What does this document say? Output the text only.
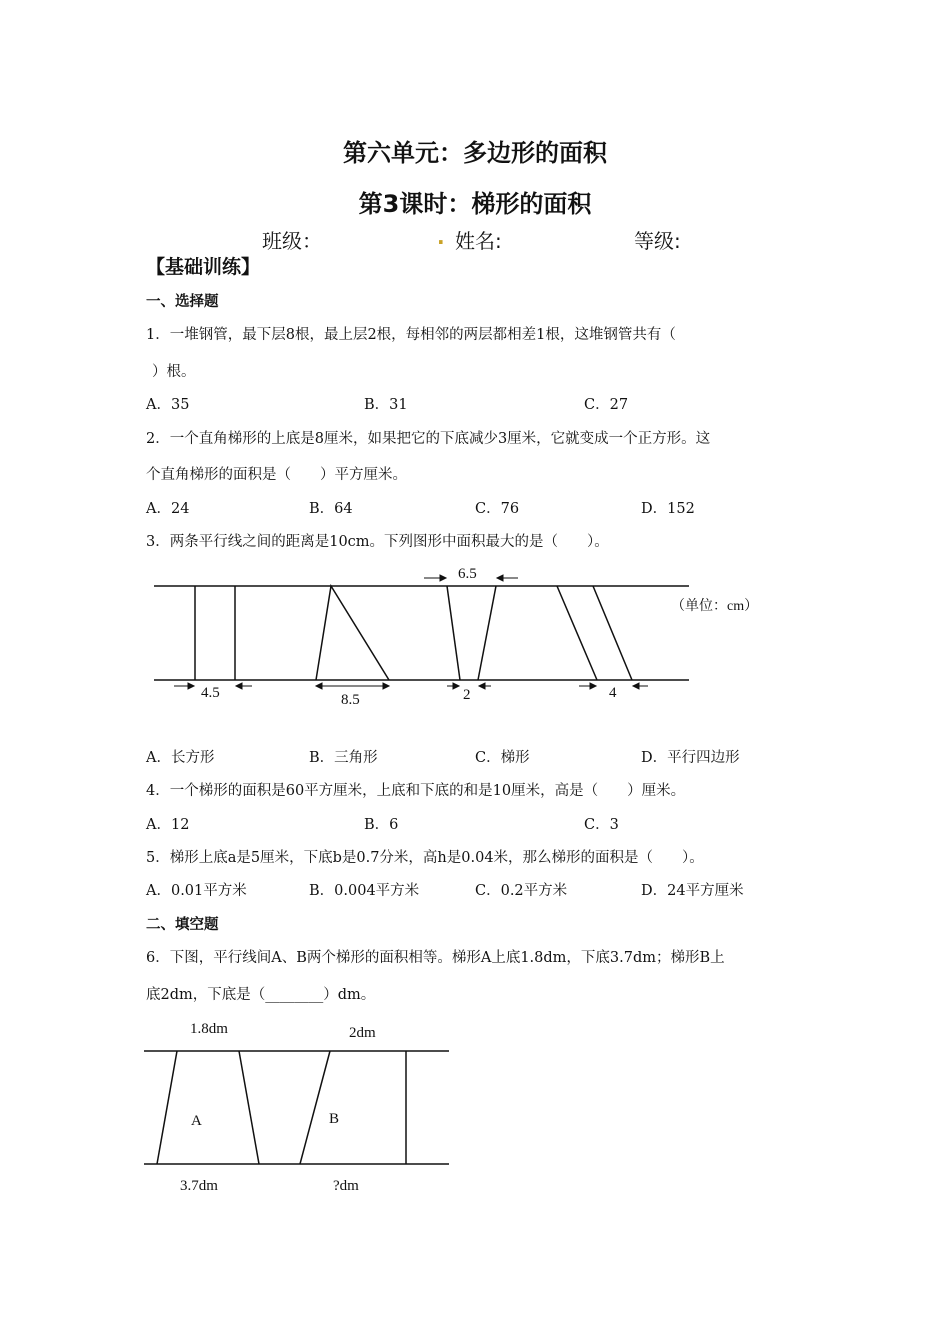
第六单元：多边形的面积
第3课时：梯形的面积
班级：	. 姓名:	等级:
【基础训练】
一、选择题
1．一堆钢管，最下层8根，最上层2根，每相邻的两层都相差1根，这堆钢管共有（
）根。
A．35	B．31	C．27
2．一个直角梯形的上底是8厘米，如果把它的下底减少3厘米，它就变成一个正方形。这
个直角梯形的面积是（　　）平方厘米。
A．24	B．64	C．76	D．152
3．两条平行线之间的距离是10cm。下列图形中面积最大的是（　　）。
4.5	8.5
6.5
2	4
（单位：cm）
1.8dm	2dm
A	B
3.7dm	?dm
A．长方形	B．三角形	C．梯形	D．平行四边形
4．一个梯形的面积是60平方厘米，上底和下底的和是10厘米，高是（　　）厘米。
A．12	B．6	C．3
5．梯形上底a是5厘米，下底b是0.7分米，高h是0.04米，那么梯形的面积是（　　）。
A．0.01平方米	B．0.004平方米	C．0.2平方米	D．24平方厘米
二、填空题
6．下图，平行线间A、B两个梯形的面积相等。梯形A上底1.8dm，下底3.7dm；梯形B上
底2dm，下底是（________）dm。
